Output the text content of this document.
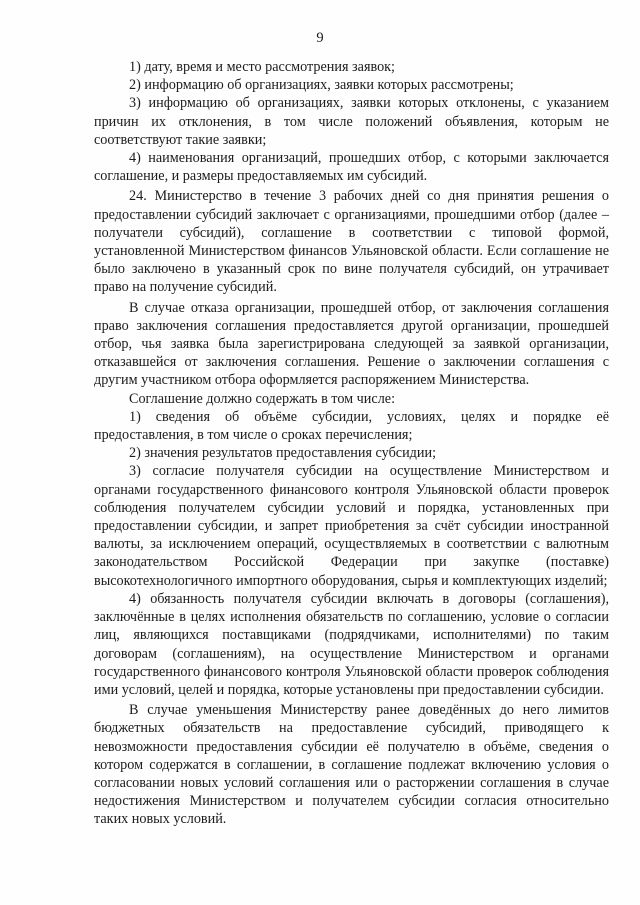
9

1) дату, время и место рассмотрения заявок;

2) информацию об организациях, заявки которых рассмотрены;

3) информацию об организациях, заявки которых отклонены, с указанием причин их отклонения, в том числе положений объявления, которым не соответствуют такие заявки;

4) наименования организаций, прошедших отбор, с которыми заключается соглашение, и размеры предоставляемых им субсидий.

24. Министерство в течение 3 рабочих дней со дня принятия решения о предоставлении субсидий заключает с организациями, прошедшими отбор (далее – получатели субсидий), соглашение в соответствии с типовой формой, установленной Министерством финансов Ульяновской области. Если соглашение не было заключено в указанный срок по вине получателя субсидий, он утрачивает право на получение субсидий.

В случае отказа организации, прошедшей отбор, от заключения соглашения право заключения соглашения предоставляется другой организации, прошедшей отбор, чья заявка была зарегистрирована следующей за заявкой организации, отказавшейся от заключения соглашения. Решение о заключении соглашения с другим участником отбора оформляется распоряжением Министерства.

Соглашение должно содержать в том числе:

1) сведения об объёме субсидии, условиях, целях и порядке её предоставления, в том числе о сроках перечисления;

2) значения результатов предоставления субсидии;

3) согласие получателя субсидии на осуществление Министерством и органами государственного финансового контроля Ульяновской области проверок соблюдения получателем субсидии условий и порядка, установленных при предоставлении субсидии, и запрет приобретения за счёт субсидии иностранной валюты, за исключением операций, осуществляемых в соответствии с валютным законодательством Российской Федерации при закупке (поставке) высокотехнологичного импортного оборудования, сырья и комплектующих изделий;

4) обязанность получателя субсидии включать в договоры (соглашения), заключённые в целях исполнения обязательств по соглашению, условие о согласии лиц, являющихся поставщиками (подрядчиками, исполнителями) по таким договорам (соглашениям), на осуществление Министерством и органами государственного финансового контроля Ульяновской области проверок соблюдения ими условий, целей и порядка, которые установлены при предоставлении субсидии.

В случае уменьшения Министерству ранее доведённых до него лимитов бюджетных обязательств на предоставление субсидий, приводящего к невозможности предоставления субсидии её получателю в объёме, сведения о котором содержатся в соглашении, в соглашение подлежат включению условия о согласовании новых условий соглашения или о расторжении соглашения в случае недостижения Министерством и получателем субсидии согласия относительно таких новых условий.
